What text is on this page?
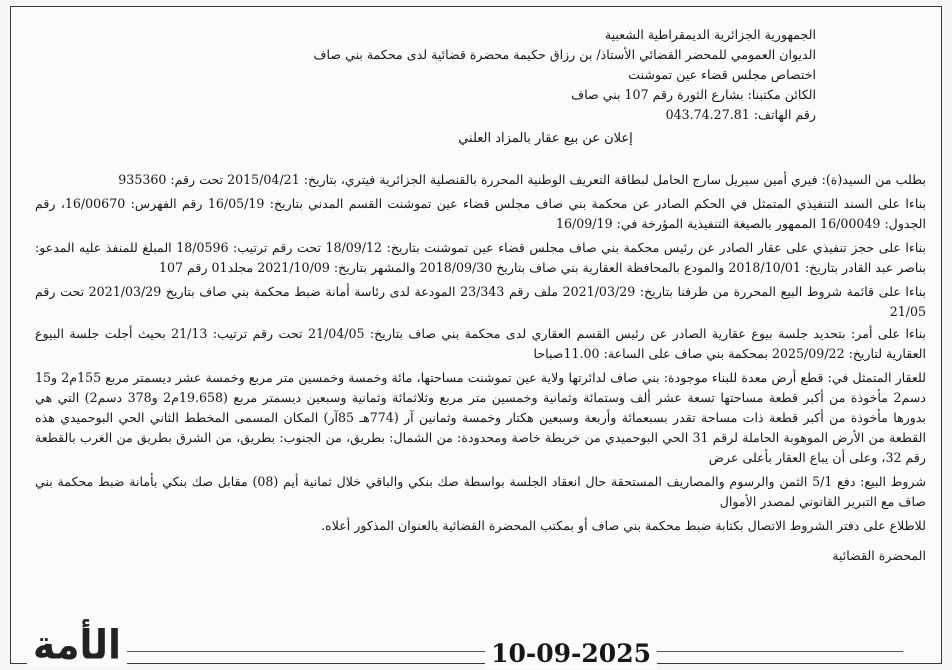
الجمهورية الجزائرية الديمقراطية الشعبية
الديوان العمومي للمحضر القضائي الأستاذ/ بن رزاق حكيمة محضرة قضائية لدى محكمة بني صاف
اختصاص مجلس قضاء عين تموشنت
الكائن مكتبنا: بشارع الثورة رقم 107 بني صاف
رقم الهاتف: 043.74.27.81
إعلان عن بيع عقار بالمزاد العلني
بطلب من السيد(ة): فيري أمين سيريل سارج الحامل لبطاقة التعريف الوطنية المحررة بالقنصلية الجزائرية فيتري، بتاريخ: 2015/04/21 تحت رقم: 935360
بناءا على السند التنفيذي المتمثل في الحكم الصادر عن محكمة بني صاف مجلس قضاء عين تموشنت القسم المدني بتاريخ: 16/05/19 رقم الفهرس: 16/00670، رقم الجدول: 16/00049 الممهور بالصيغة التنفيذية المؤرخة في: 16/09/19
بناءا على حجز تنفيذي على عقار الصادر عن رئيس محكمة بني صاف مجلس قضاء عين تموشنت بتاريخ: 18/09/12 تحت رقم ترتيب: 18/0596 المبلغ للمنفذ عليه المدعو: بناصر عبد القادر بتاريخ: 2018/10/01 والمودع بالمحافظة العقارية بني صاف بتاريخ 2018/09/30 والمشهر بتاريخ: 2021/10/09 مجلد01 رقم 107
بناءا على قائمة شروط البيع المحررة من طرفنا بتاريخ: 2021/03/29 ملف رقم 23/343 المودعة لدى رئاسة أمانة ضبط محكمة بني صاف بتاريخ 2021/03/29 تحت رقم 21/05
بناءا على أمر: بتحديد جلسة بيوع عقارية الصادر عن رئيس القسم العقاري لدى محكمة بني صاف بتاريخ: 21/04/05 تحت رقم ترتيب: 21/13 بحيث أجلت جلسة البيوع العقارية لتاريخ: 2025/09/22 بمحكمة بني صاف على الساعة: 11.00صباحا
للعقار المتمثل في: قطع أرض معدة للبناء موجودة: بني صاف لدائرتها ولاية عين تموشنت مساحتها، مائة وخمسة وخمسين متر مربع وخمسة عشر ديسمتر مربع 155م2 و15 دسم2 مأخوذة من أكبر قطعة مساحتها تسعة عشر ألف وستمائة وثمانية وخمسين متر مربع وثلاثمائة وثمانية وسبعين ديسمتر مربع (19.658م2 و378 دسم2) التي هي بدورها مأخوذة من أكبر قطعة ذات مساحة تقدر بسبعمائة وأربعة وسبعين هكتار وخمسة وثمانين آر (774هـ 85آر) المكان المسمى المخطط الثاني الحي البوحميدي هذه القطعة من الأرض الموهوبة الحاملة لرقم 31 الحي البوحميدي من خريطة خاصة ومحدودة: من الشمال: بطريق، من الجنوب: بطريق، من الشرق بطريق من الغرب بالقطعة رقم 32، وعلى أن يباع العقار بأعلى عرض
شروط البيع: دفع 5/1 الثمن والرسوم والمصاريف المستحقة حال انعقاد الجلسة بواسطة صك بنكي والباقي خلال ثمانية أيم (08) مقابل صك بنكي بأمانة ضبط محكمة بني صاف مع التبرير القانوني لمصدر الأموال
للاطلاع على دفتر الشروط الاتصال بكتابة ضبط محكمة بني صاف أو بمكتب المحضرة القضائية بالعنوان المذكور أعلاه.
المحضرة القضائية
10-09-2025
الأمة
